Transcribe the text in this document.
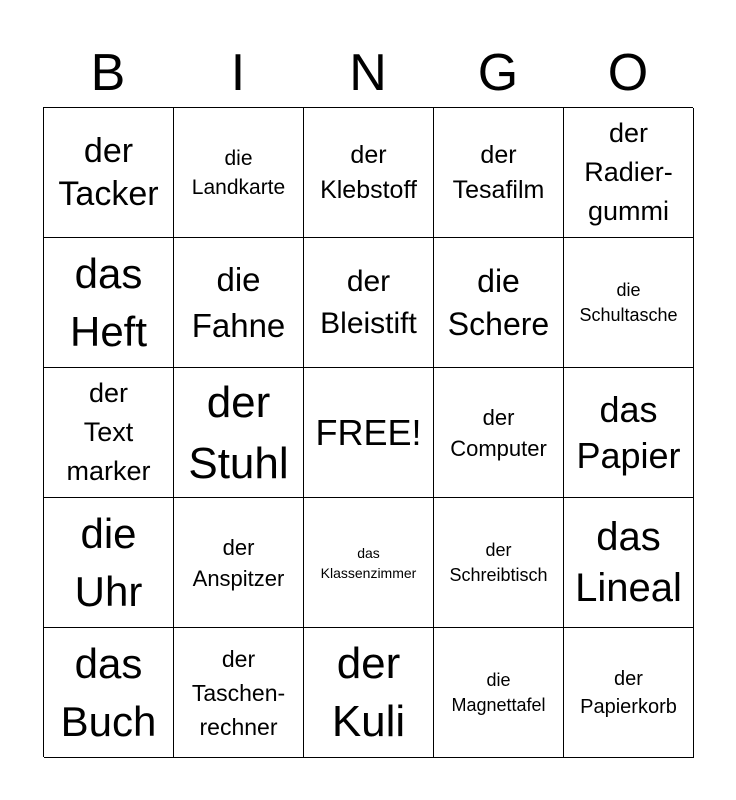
B	I	N	G	O
der
Tacker
die
Landkarte
der
Klebstoff
der
Tesafilm
der
Radier-
gummi
das
Heft
die
Fahne
der
Bleistift
die
Schere
die
Schultasche
der
Text
marker
der
Stuhl
FREE!	der
Computer
das
Papier
die
Uhr
der
Anspitzer
das
Klassenzimmer
der
Schreibtisch
das
Lineal
das
Buch
der
Taschen-
rechner
der
Kuli
die
Magnettafel
der
Papierkorb
